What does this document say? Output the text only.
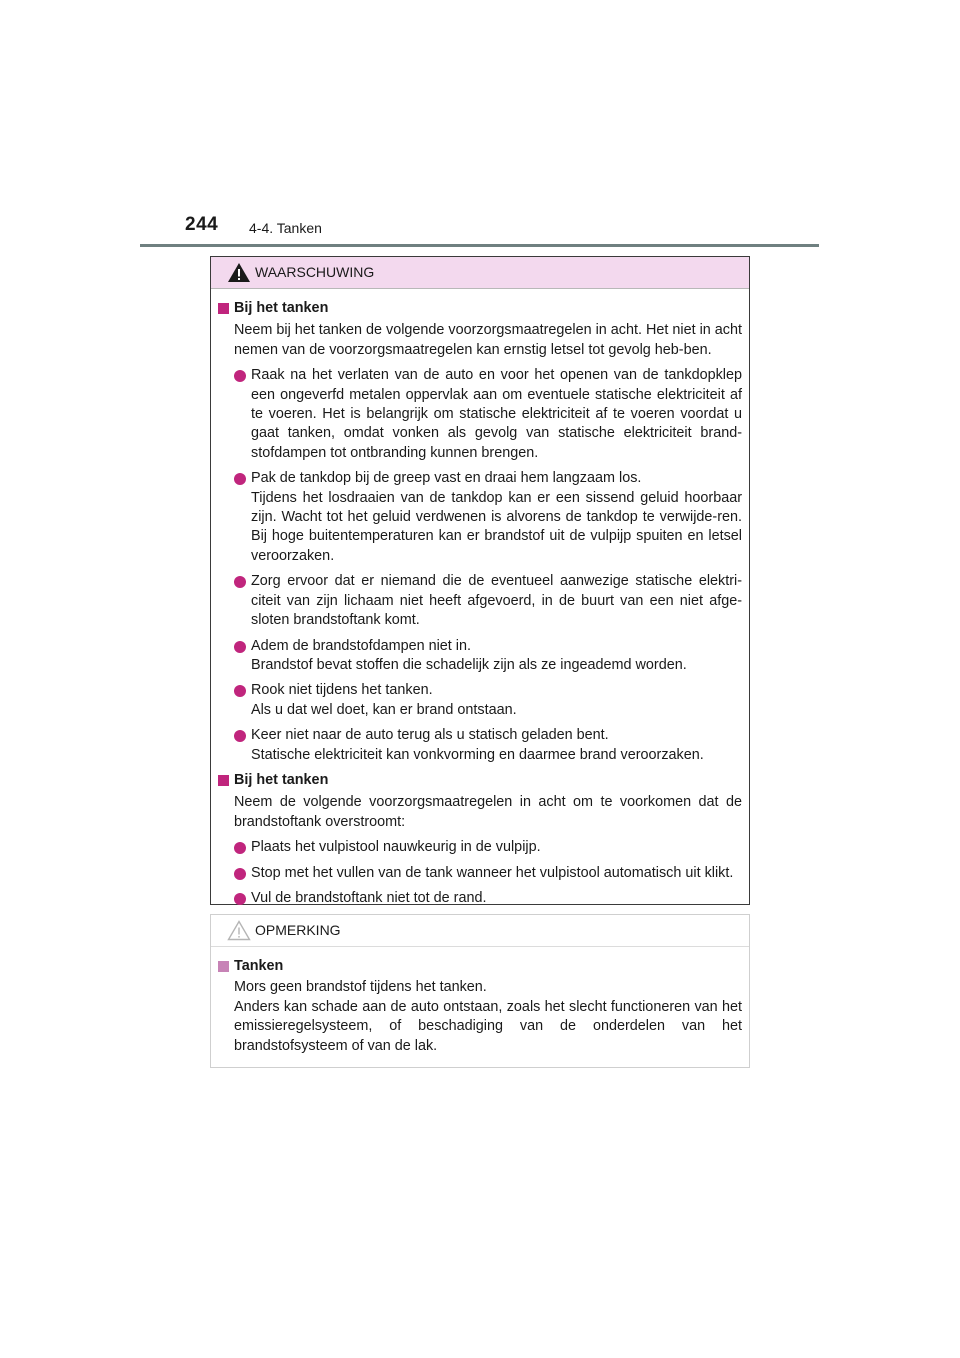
244 4-4. Tanken
WAARSCHUWING
Bij het tanken
Neem bij het tanken de volgende voorzorgsmaatregelen in acht. Het niet in acht nemen van de voorzorgsmaatregelen kan ernstig letsel tot gevolg heb-ben.
Raak na het verlaten van de auto en voor het openen van de tankdopklep een ongeverfd metalen oppervlak aan om eventuele statische elektriciteit af te voeren. Het is belangrijk om statische elektriciteit af te voeren voordat u gaat tanken, omdat vonken als gevolg van statische elektriciteit brand-stofdampen tot ontbranding kunnen brengen.
Pak de tankdop bij de greep vast en draai hem langzaam los.
Tijdens het losdraaien van de tankdop kan er een sissend geluid hoorbaar zijn. Wacht tot het geluid verdwenen is alvorens de tankdop te verwijde-ren. Bij hoge buitentemperaturen kan er brandstof uit de vulpijp spuiten en letsel veroorzaken.
Zorg ervoor dat er niemand die de eventueel aanwezige statische elektri-citeit van zijn lichaam niet heeft afgevoerd, in de buurt van een niet afge-sloten brandstoftank komt.
Adem de brandstofdampen niet in.
Brandstof bevat stoffen die schadelijk zijn als ze ingeademd worden.
Rook niet tijdens het tanken.
Als u dat wel doet, kan er brand ontstaan.
Keer niet naar de auto terug als u statisch geladen bent.
Statische elektriciteit kan vonkvorming en daarmee brand veroorzaken.
Bij het tanken
Neem de volgende voorzorgsmaatregelen in acht om te voorkomen dat de brandstoftank overstroomt:
Plaats het vulpistool nauwkeurig in de vulpijp.
Stop met het vullen van de tank wanneer het vulpistool automatisch uit klikt.
Vul de brandstoftank niet tot de rand.
OPMERKING
Tanken
Mors geen brandstof tijdens het tanken.
Anders kan schade aan de auto ontstaan, zoals het slecht functioneren van het emissieregelsysteem, of beschadiging van de onderdelen van het brandstofsysteem of van de lak.
